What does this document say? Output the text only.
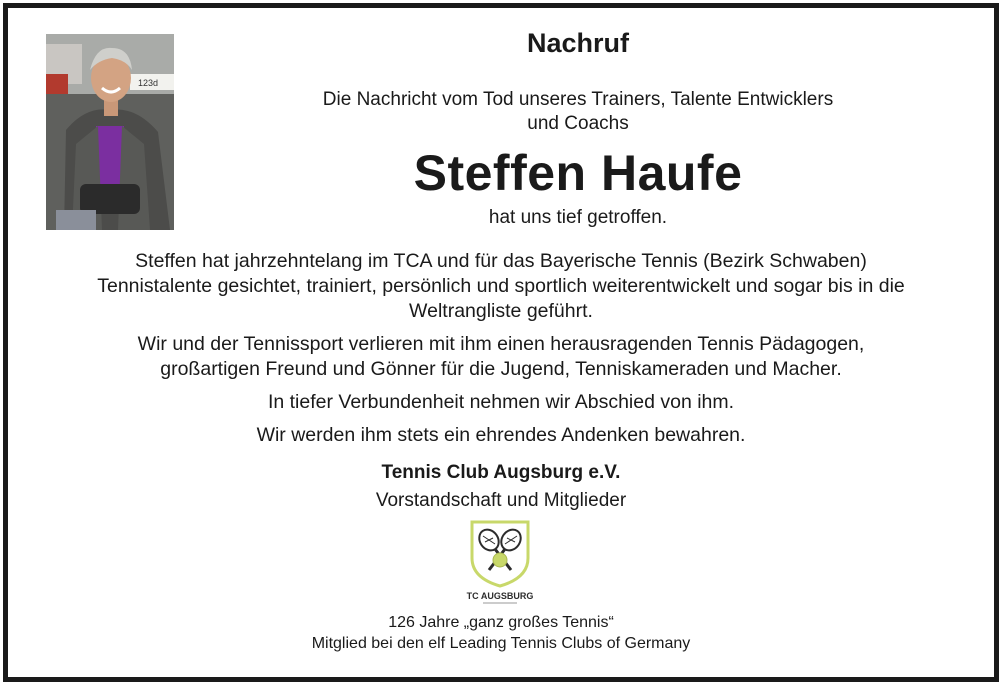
123d
Nachruf
Die Nachricht vom Tod unseres Trainers, Talente Entwicklers
und Coachs
Steffen Haufe
hat uns tief getroffen.

Steffen hat jahrzehntelang im TCA und für das Bayerische Tennis (Bezirk Schwaben)
Tennistalente gesichtet, trainiert, persönlich und sportlich weiterentwickelt und sogar bis in die
Weltrangliste geführt.

Wir und der Tennissport verlieren mit ihm einen herausragenden Tennis Pädagogen,
großartigen Freund und Gönner für die Jugend, Tenniskameraden und Macher.

In tiefer Verbundenheit nehmen wir Abschied von ihm.

Wir werden ihm stets ein ehrendes Andenken bewahren.

Tennis Club Augsburg e.V.
Vorstandschaft und Mitglieder
TC AUGSBURG
126 Jahre „ganz großes Tennis“
Mitglied bei den elf Leading Tennis Clubs of Germany
